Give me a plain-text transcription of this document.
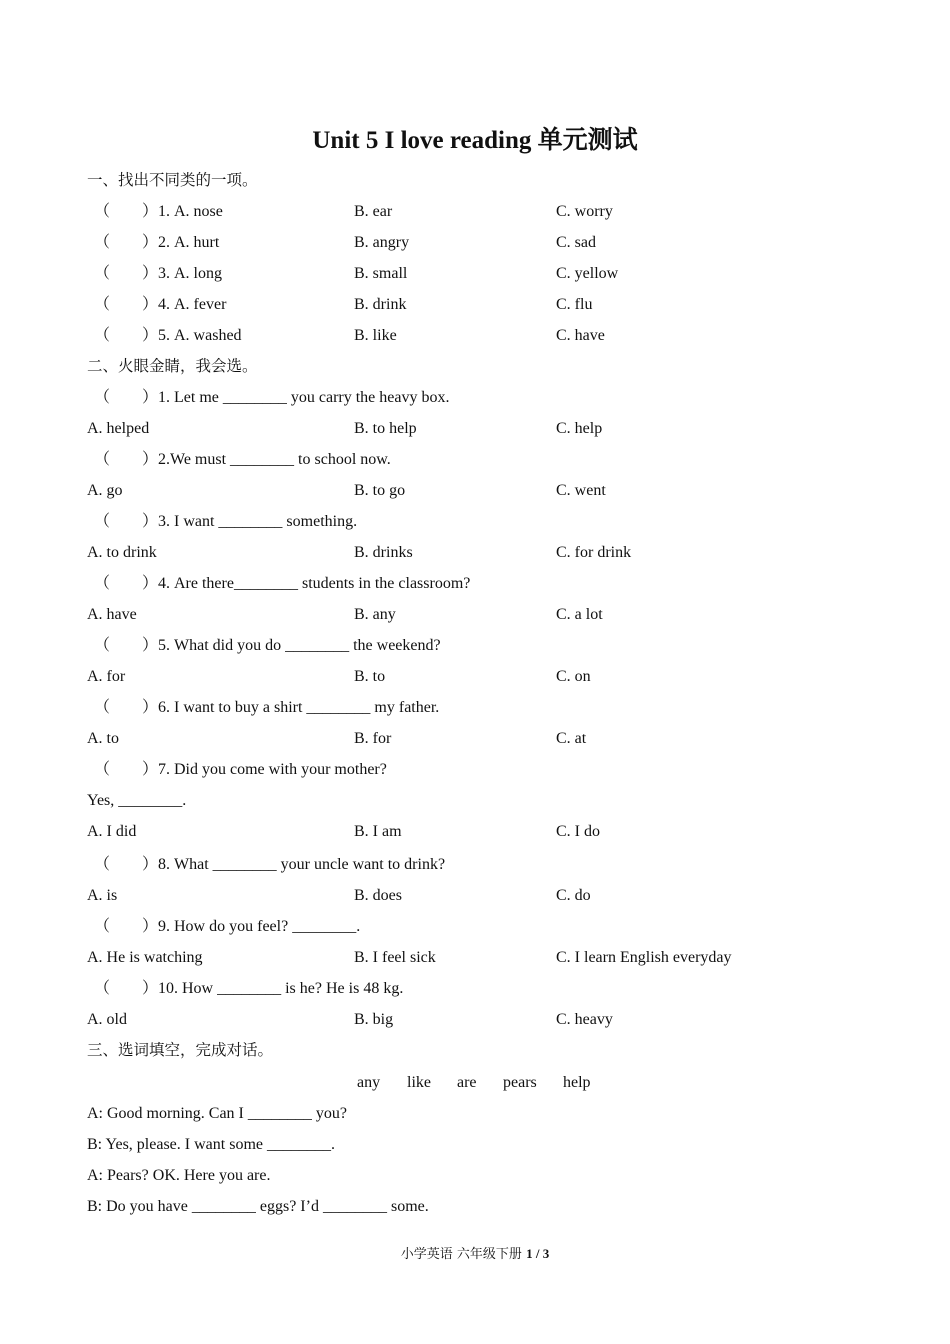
Unit 5 I love reading 单元测试
一、找出不同类的一项。
（　　）1. A. nose	B. ear	C. worry
（　　）2. A. hurt	B. angry	C. sad
（　　）3. A. long	B. small	C. yellow
（　　）4. A. fever	B. drink	C. flu
（　　）5. A. washed	B. like	C. have
二、火眼金睛，我会选。
（　　）1. Let me ________ you carry the heavy box.
A. helped	B. to help	C. help
（　　）2.We must ________ to school now.
A. go	B. to go	C. went
（　　）3. I want ________ something.
A. to drink	B. drinks	C. for drink
（　　）4. Are there________ students in the classroom?
A. have	B. any	C. a lot
（　　）5. What did you do ________ the weekend?
A. for	B. to	C. on
（　　）6. I want to buy a shirt ________ my father.
A. to	B. for	C. at
（　　）7. Did you come with your mother?
Yes, ________.
A. I did	B. I am	C. I do
（　　）8. What ________ your uncle want to drink?
A. is	B. does	C. do
（　　）9. How do you feel? ________.
A. He is watching	B. I feel sick	C. I learn English everyday
（　　）10. How ________ is he? He is 48 kg.
A. old	B. big	C. heavy
三、选词填空，完成对话。
any like are pears help
A: Good morning. Can I ________ you?
B: Yes, please. I want some ________.
A: Pears? OK. Here you are.
B: Do you have ________ eggs? I’d ________ some.
小学英语 六年级下册 1 / 3
